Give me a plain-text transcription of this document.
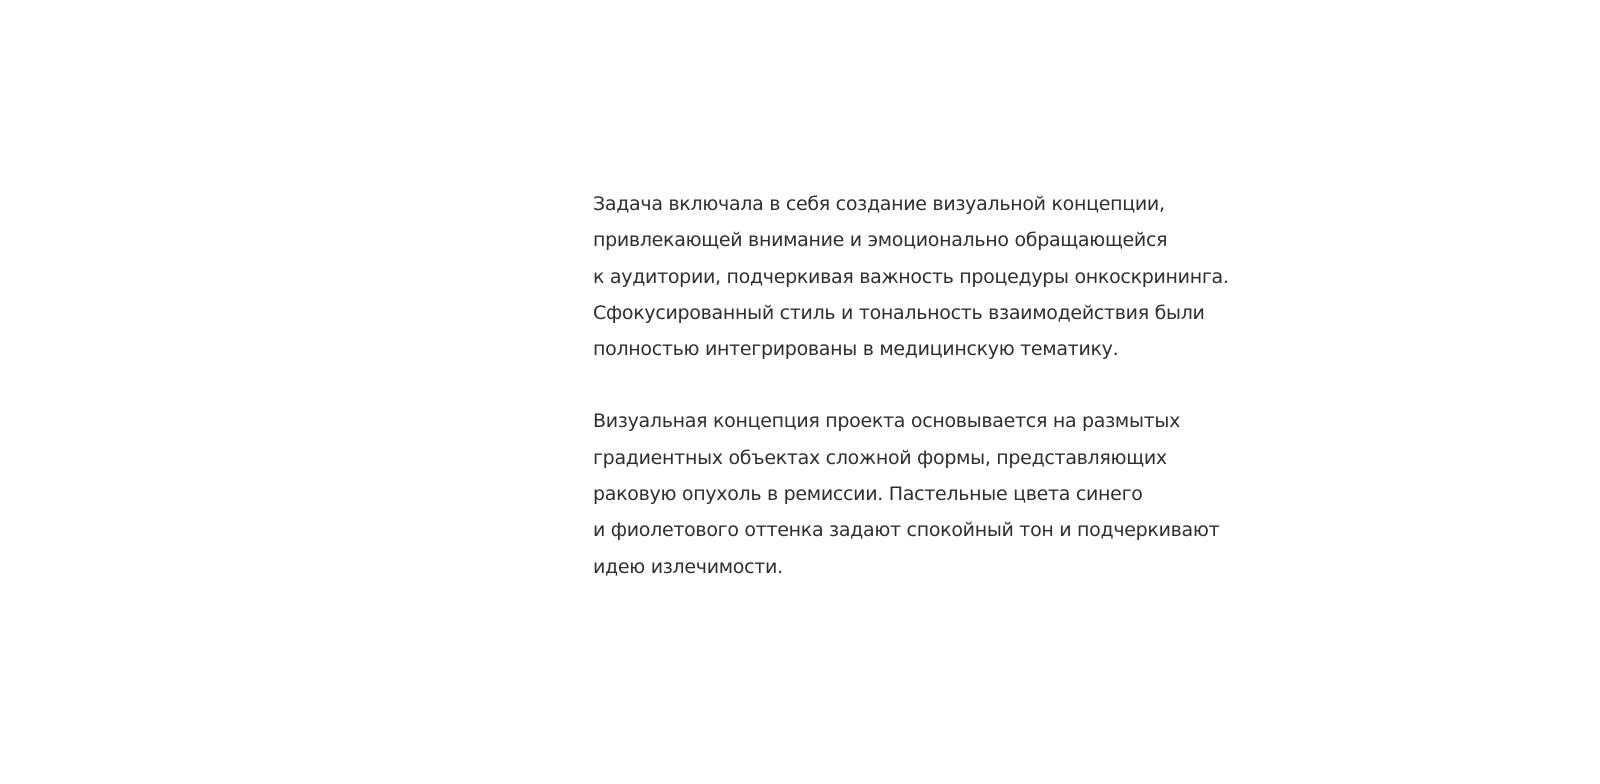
Задача включала в себя создание визуальной концепции,
привлекающей внимание и эмоционально обращающейся
к аудитории, подчеркивая важность процедуры онкоскрининга.
Сфокусированный стиль и тональность взаимодействия были
полностью интегрированы в медицинскую тематику.

Визуальная концепция проекта основывается на размытых
градиентных объектах сложной формы, представляющих
раковую опухоль в ремиссии. Пастельные цвета синего
и фиолетового оттенка задают спокойный тон и подчеркивают
идею излечимости.
